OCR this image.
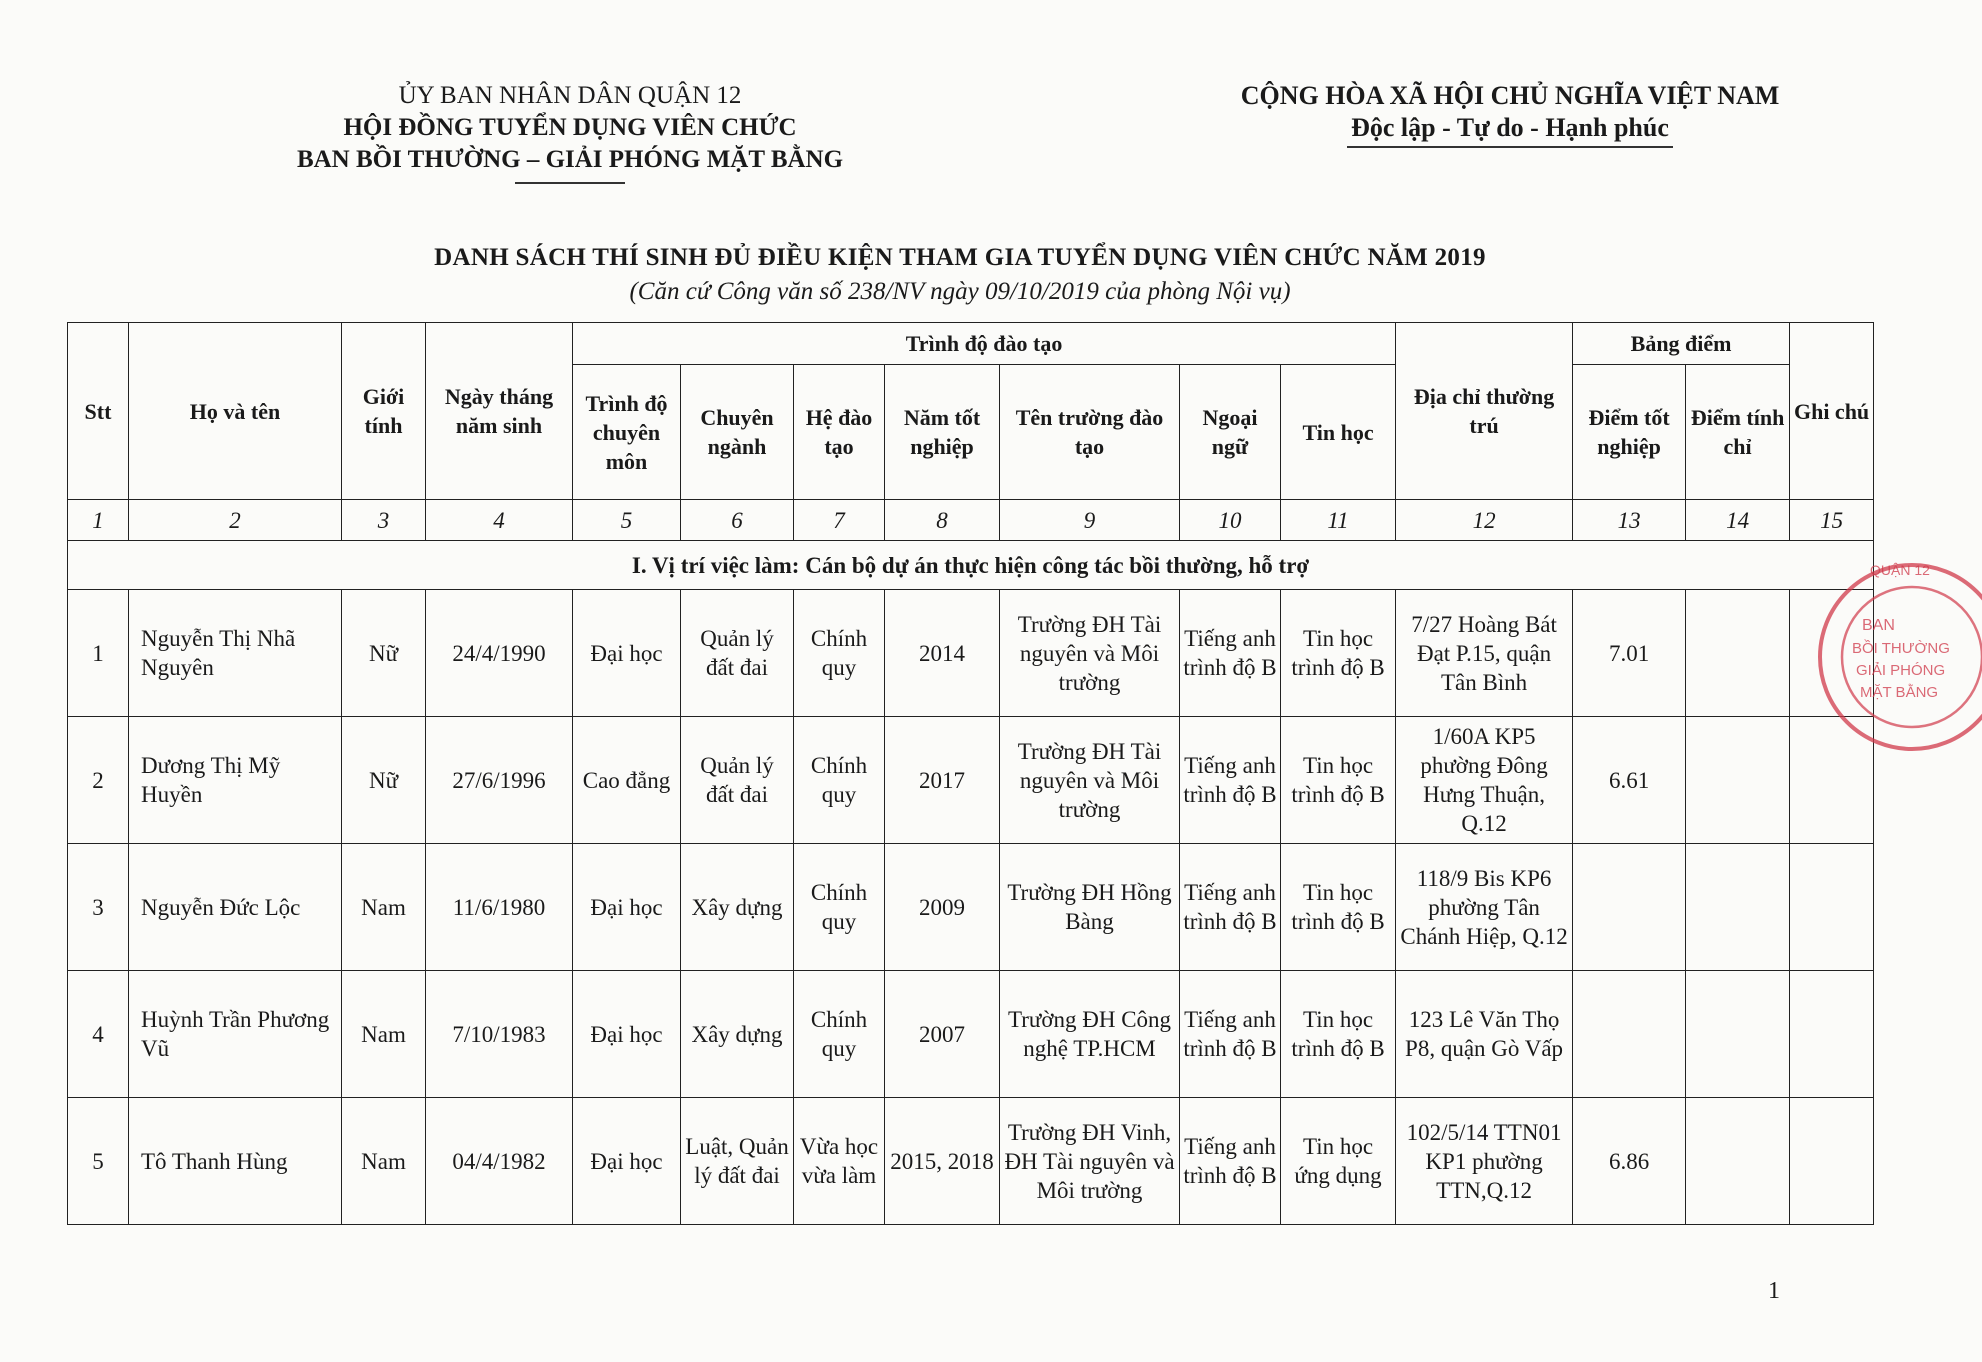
ỦY BAN NHÂN DÂN QUẬN 12
HỘI ĐỒNG TUYỂN DỤNG VIÊN CHỨC
BAN BỒI THƯỜNG – GIẢI PHÓNG MẶT BẰNG
CỘNG HÒA XÃ HỘI CHỦ NGHĨA VIỆT NAM
Độc lập - Tự do - Hạnh phúc
DANH SÁCH THÍ SINH ĐỦ ĐIỀU KIỆN THAM GIA TUYỂN DỤNG VIÊN CHỨC NĂM 2019
(Căn cứ Công văn số 238/NV ngày 09/10/2019 của phòng Nội vụ)
Stt	Họ và tên	Giới tính	Ngày tháng năm sinh	Trình độ đào tạo							Địa chỉ thường trú	Bảng điểm		Ghi chú
				Trình độ chuyên môn	Chuyên ngành	Hệ đào tạo	Năm tốt nghiệp	Tên trường đào tạo	Ngoại ngữ	Tin học		Điểm tốt nghiệp	Điểm tính chỉ	
1	2	3	4	5	6	7	8	9	10	11	12	13	14	15
I. Vị trí việc làm: Cán bộ dự án thực hiện công tác bồi thường, hỗ trợ														
1	Nguyễn Thị Nhã Nguyên	Nữ	24/4/1990	Đại học	Quản lý đất đai	Chính quy	2014	Trường ĐH Tài nguyên và Môi trường	Tiếng anh trình độ B	Tin học trình độ B	7/27 Hoàng Bát Đạt P.15, quận Tân Bình	7.01		
2	Dương Thị Mỹ Huyền	Nữ	27/6/1996	Cao đẳng	Quản lý đất đai	Chính quy	2017	Trường ĐH Tài nguyên và Môi trường	Tiếng anh trình độ B	Tin học trình độ B	1/60A KP5 phường Đông Hưng Thuận, Q.12	6.61		
3	Nguyễn Đức Lộc	Nam	11/6/1980	Đại học	Xây dựng	Chính quy	2009	Trường ĐH Hồng Bàng	Tiếng anh trình độ B	Tin học trình độ B	118/9 Bis KP6 phường Tân Chánh Hiệp, Q.12			
4	Huỳnh Trần Phương Vũ	Nam	7/10/1983	Đại học	Xây dựng	Chính quy	2007	Trường ĐH Công nghệ TP.HCM	Tiếng anh trình độ B	Tin học trình độ B	123 Lê Văn Thọ P8, quận Gò Vấp			
5	Tô Thanh Hùng	Nam	04/4/1982	Đại học	Luật, Quản lý đất đai	Vừa học vừa làm	2015, 2018	Trường ĐH Vinh, ĐH Tài nguyên và Môi trường	Tiếng anh trình độ B	Tin học ứng dụng	102/5/14 TTN01 KP1 phường TTN,Q.12	6.86		
BAN
BỒI THƯỜNG
GIẢI PHÓNG
MẶT BẰNG
QUẬN 12
1
